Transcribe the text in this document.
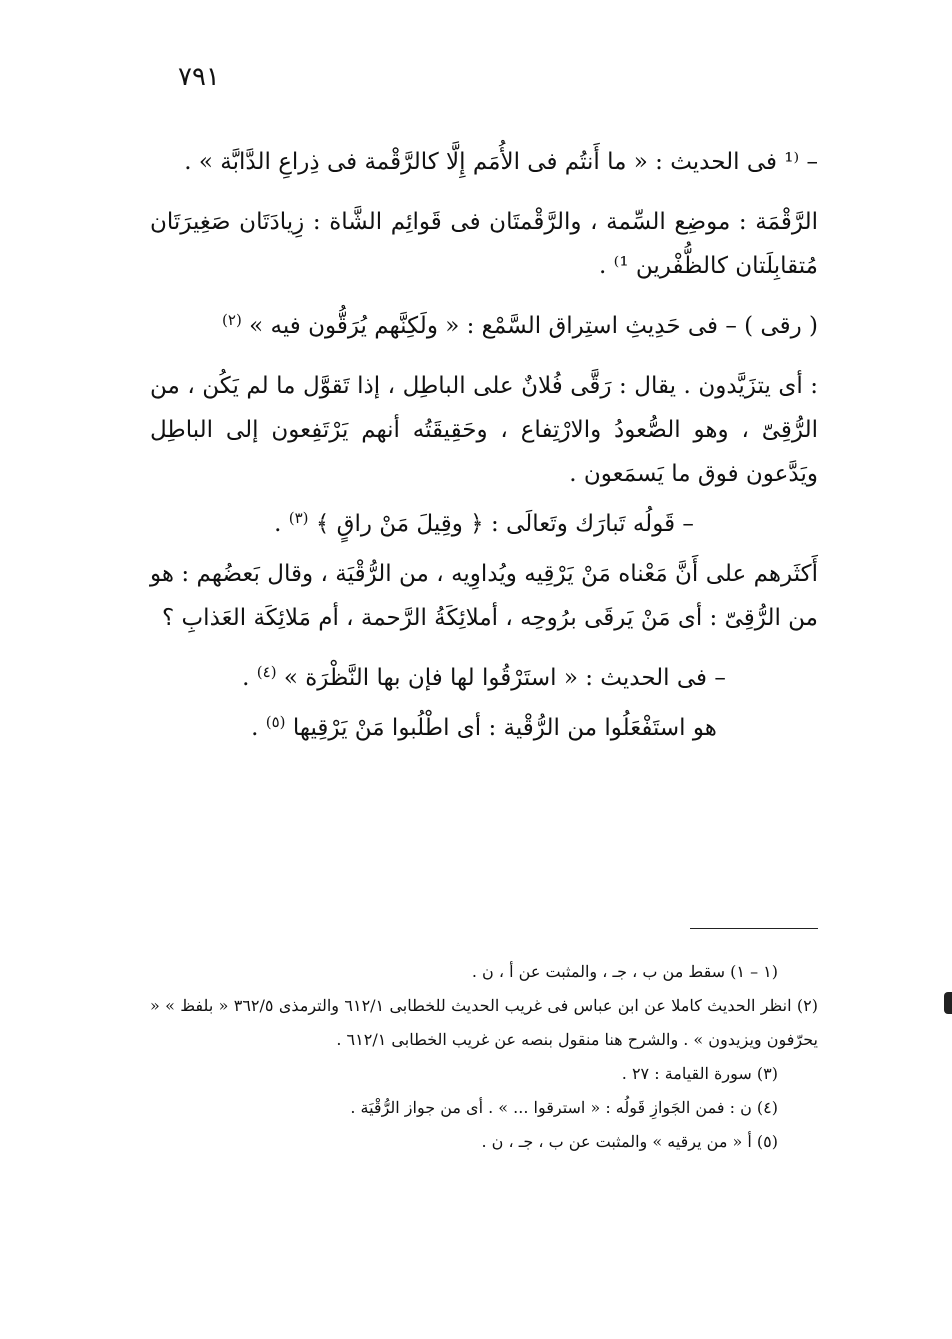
٧٩١

– ⁽¹ فى الحديث : « ما أَنتُم فى الأُمَم إِلَّا كالرَّقْمة فى ذِراعِ الدَّابَّة » .

الرَّقْمَة : موضِع السِّمة ، والرَّقْمتَان فى قَوائِم الشَّاة : زِيادَتَان صَغِيرَتَان مُتقابِلَتان كالظُّفْرين ¹⁾ .

( رقى ) – فى حَدِيثِ استِراق السَّمْع : « ولَكِنَّهم يُرَقُّون فيه » $^{(٢)}$

: أى يتزَيَّدون . يقال : رَقَّى فُلانٌ على الباطِل ، إذا تَقوَّل ما لم يَكُن ، من الرُّقِىّ ، وهو الصُّعودُ والارْتِفاع ، وحَقِيقَتُه أنهم يَرْتَفِعون إلى الباطِل ويَدَّعون فوق ما يَسمَعون .

– قَولُه تَبارَك وتَعالَى : ﴿ وقِيلَ مَنْ راقٍ ﴾ $^{(٣)}$ .

أَكثَرهم على أَنَّ مَعْناه مَنْ يَرْقِيه ويُداوِيه ، من الرُّقْيَة ، وقال بَعضُهم : هو من الرُّقِىّ : أى مَنْ يَرقَى برُوحِه ، أملائِكَةُ الرَّحمة ، أم مَلائِكَة العَذابِ ؟

– فى الحديث : « استَرْقُوا لها فإن بها النَّظْرَة » $^{(٤)}$ .

هو استَفْعَلُوا من الرُّقْية : أى اطْلُبوا مَنْ يَرْقِيها $^{(٥)}$ .

(١ – ١) سقط من ب ، جـ ، والمثبت عن أ ، ن .

(٢) انظر الحديث كاملا عن ابن عباس فى غريب الحديث للخطابى ٦١٢/١ والترمذى ٣٦٢/٥ « بلفظ » « يحرّفون ويزيدون » . والشرح هنا منقول بنصه عن غريب الخطابى ٦١٢/١ .

(٣) سورة القيامة : ٢٧ .

(٤) ن : فمن الجَوازِ قَولُه : « استرقوا ... » . أى من جواز الرُّقْيَة .

(٥) أ « من يرقيه » والمثبت عن ب ، جـ ، ن .
